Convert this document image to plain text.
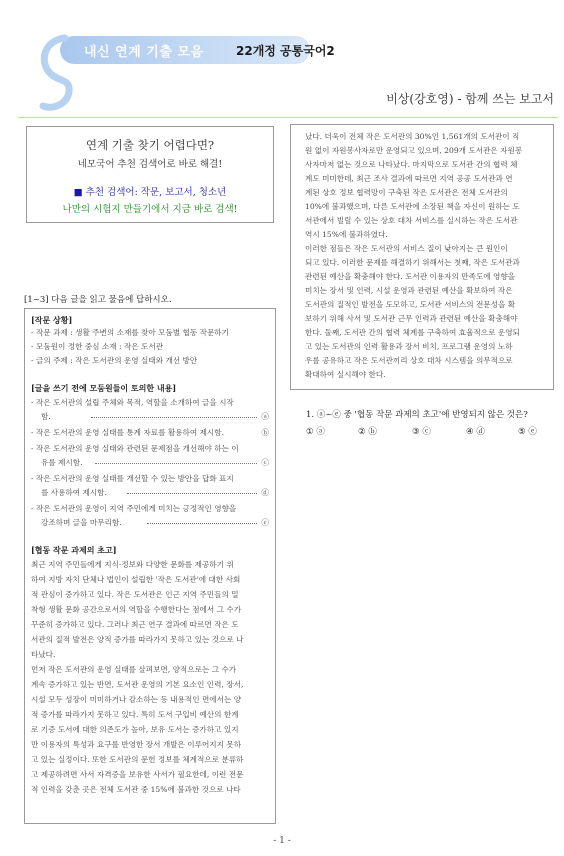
내신 연계 기출 모음	22개정 공통국어2
비상(강호영) - 함께 쓰는 보고서
연계 기출 찾기 어렵다면?
네모국어 추천 검색어로 바로 해결!
■ 추천 검색어: 작문, 보고서, 청소년
나만의 시험지 만들기에서 지금 바로 검색!
[1~3] 다음 글을 읽고 물음에 답하시오.
[작문 상황]
- 작문 과제 : 생활 주변의 소재를 찾아 모둠별 협동 작문하기
- 모둠원이 정한 중심 소재 : 작은 도서관
- 글의 주제 : 작은 도서관의 운영 실태와 개선 방안
[글을 쓰기 전에 모둠원들이 토의한 내용]
- 작은 도서관의 설립 주체와 목적, 역할을 소개하여 글을 시작
함.	ⓐ
- 작은 도서관의 운영 실태를 통계 자료를 활용하여 제시함.	ⓑ
- 작은 도서관의 운영 실태와 관련된 문제점을 개선해야 하는 이
유를 제시함.	ⓒ
- 작은 도서관의 운영 실태를 개선할 수 있는 방안을 답화 표지
를 사용하여 제시함.	ⓓ
- 작은 도서관의 운영이 지역 주민에게 미치는 긍정적인 영향을
강조하며 글을 마무리함.	ⓔ
[협동 작문 과제의 초고]
최근 지역 주민들에게 지식·정보와 다양한 문화를 제공하기 위
하여 지방 자치 단체나 법인이 설립한 '작은 도서관'에 대한 사회
적 관심이 증가하고 있다. 작은 도서관은 인근 지역 주민들의 밀
착형 생활 문화 공간으로서의 역할을 수행한다는 점에서 그 수가
꾸준히 증가하고 있다. 그러나 최근 연구 결과에 따르면 작은 도
서관의 질적 발전은 양적 증가를 따라가지 못하고 있는 것으로 나
타났다.
먼저 작은 도서관의 운영 실태를 살펴보면, 양적으로는 그 수가
계속 증가하고 있는 반면, 도서관 운영의 기본 요소인 인력, 장서,
시설 모두 성장이 미미하거나 감소하는 등 내용적인 면에서는 양
적 증가를 따라가지 못하고 있다. 특히 도서 구입비 예산의 한계
로 기증 도서에 대한 의존도가 높아, 보유 도서는 증가하고 있지
만 이용자의 특성과 요구를 반영한 장서 개발은 이루어지지 못하
고 있는 실정이다. 또한 도서관의 문헌 정보를 체계적으로 분류하
고 제공하려면 사서 자격증을 보유한 사서가 필요한데, 이런 전문
적 인력을 갖춘 곳은 전체 도서관 중 15%에 불과한 것으로 나타
났다. 더욱이 전체 작은 도서관의 30%인 1,561개의 도서관이 직
원 없이 자원봉사자로만 운영되고 있으며, 209개 도서관은 자원봉
사자마저 없는 것으로 나타났다. 마지막으로 도서관 간의 협력 체
계도 미미한데, 최근 조사 결과에 따르면 지역 공공 도서관과 연
계된 상호 정보 협력망이 구축된 작은 도서관은 전체 도서관의
10%에 불과했으며, 다른 도서관에 소장된 책을 자신이 원하는 도
서관에서 빌릴 수 있는 상호 대차 서비스를 실시하는 작은 도서관
역시 15%에 불과하였다.
이러한 점들은 작은 도서관의 서비스 질이 낮아지는 큰 원인이
되고 있다. 이러한 문제를 해결하기 위해서는 첫째, 작은 도서관과
관련된 예산을 확충해야 한다. 도서관 이용자의 만족도에 영향을
미치는 장서 및 인력, 시설 운영과 관련된 예산을 확보하여 작은
도서관의 질적인 발전을 도모하고, 도서관 서비스의 전문성을 확
보하기 위해 사서 및 도서관 근무 인력과 관련된 예산을 확충해야
한다. 둘째, 도서관 간의 협력 체계를 구축하여 효율적으로 운영되
고 있는 도서관의 인력 활용과 장서 비치, 프로그램 운영의 노하
우를 공유하고 작은 도서관끼리 상호 대차 시스템을 의무적으로
확대하여 실시해야 한다.
1. ⓐ~ⓔ 중 '협동 작문 과제의 초고'에 반영되지 않은 것은?
① ⓐ	② ⓑ	③ ⓒ	④ ⓓ	⑤ ⓔ
- 1 -
